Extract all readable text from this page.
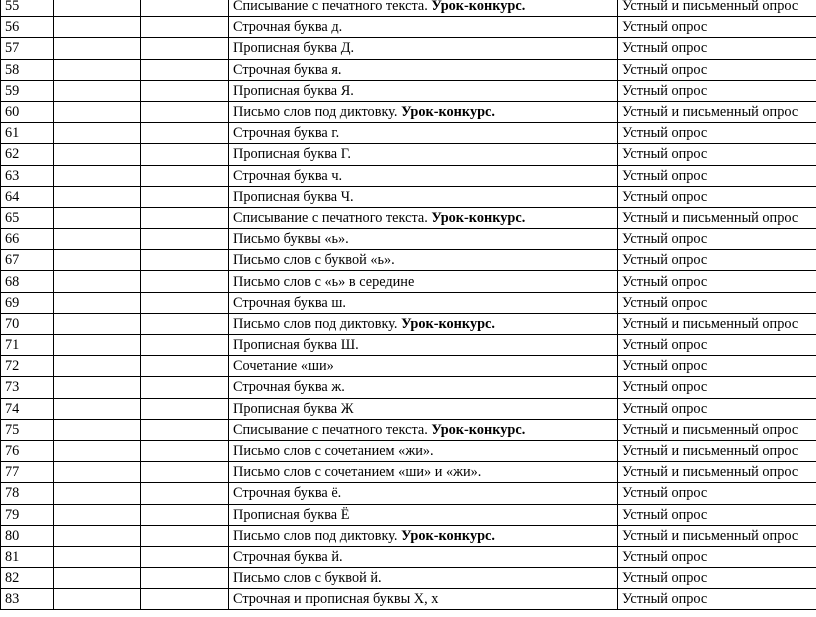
55			Списывание с печатного текста. Урок-конкурс.	Устный и письменный опрос
56			Строчная буква д.	Устный опрос
57			Прописная буква Д.	Устный опрос
58			Строчная буква я.	Устный опрос
59			Прописная буква Я.	Устный опрос
60			Письмо слов под диктовку. Урок-конкурс.	Устный и письменный опрос
61			Строчная буква г.	Устный опрос
62			Прописная буква Г.	Устный опрос
63			Строчная буква ч.	Устный опрос
64			Прописная буква Ч.	Устный опрос
65			Списывание с печатного текста. Урок-конкурс.	Устный и письменный опрос
66			Письмо буквы «ь».	Устный опрос
67			Письмо слов с буквой «ь».	Устный опрос
68			Письмо слов с «ь» в середине	Устный опрос
69			Строчная буква ш.	Устный опрос
70			Письмо слов под диктовку. Урок-конкурс.	Устный и письменный опрос
71			Прописная буква Ш.	Устный опрос
72			Сочетание «ши»	Устный опрос
73			Строчная буква ж.	Устный опрос
74			Прописная буква Ж	Устный опрос
75			Списывание с печатного текста. Урок-конкурс.	Устный и письменный опрос
76			Письмо слов с сочетанием «жи».	Устный и письменный опрос
77			Письмо слов с сочетанием «ши» и «жи».	Устный и письменный опрос
78			Строчная буква ё.	Устный опрос
79			Прописная буква Ё	Устный опрос
80			Письмо слов под диктовку. Урок-конкурс.	Устный и письменный опрос
81			Строчная буква й.	Устный опрос
82			Письмо слов с буквой й.	Устный опрос
83			Строчная и прописная буквы Х, х	Устный опрос
